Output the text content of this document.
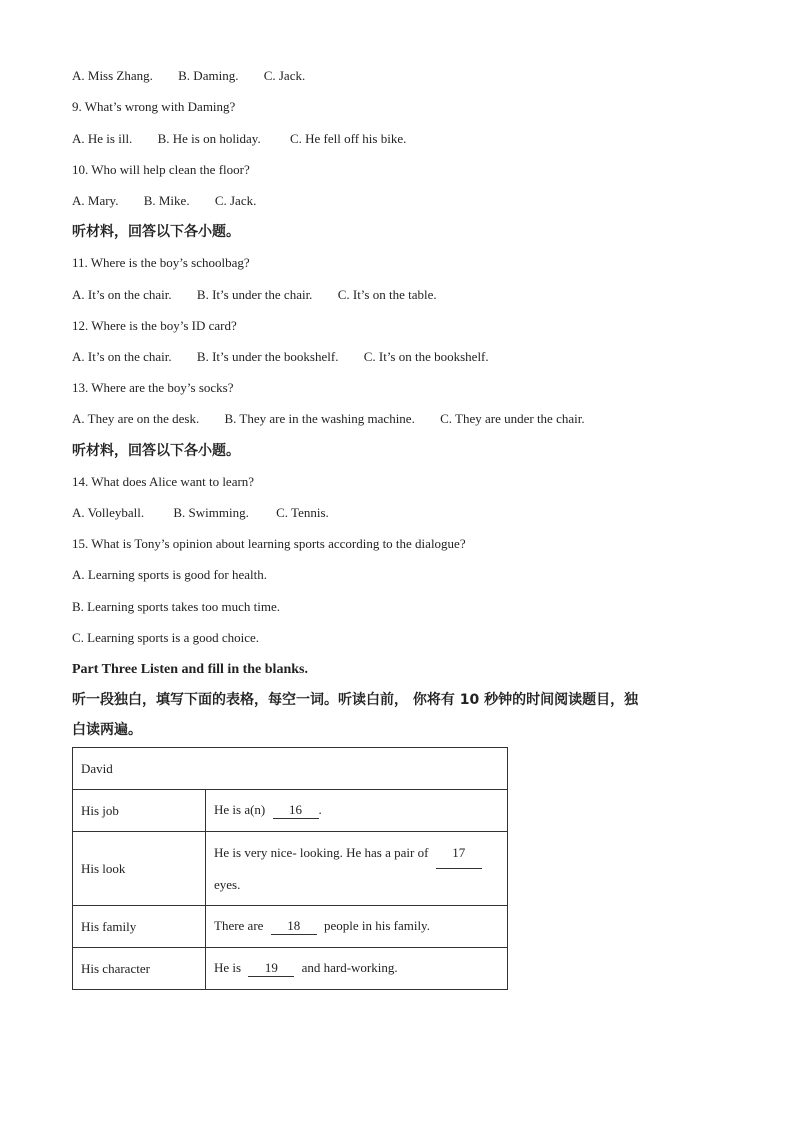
A. Miss Zhang. B. Daming. C. Jack.
9. What’s wrong with Daming?
A. He is ill. B. He is on holiday. C. He fell off his bike.
10. Who will help clean the floor?
A. Mary. B. Mike. C. Jack.
听材料，回答以下各小题。
11. Where is the boy’s schoolbag?
A. It’s on the chair. B. It’s under the chair. C. It’s on the table.
12. Where is the boy’s ID card?
A. It’s on the chair. B. It’s under the bookshelf. C. It’s on the bookshelf.
13. Where are the boy’s socks?
A. They are on the desk. B. They are in the washing machine. C. They are under the chair.
听材料，回答以下各小题。
14. What does Alice want to learn?
A. Volleyball. B. Swimming. C. Tennis.
15. What is Tony’s opinion about learning sports according to the dialogue?
A. Learning sports is good for health.
B. Learning sports takes too much time.
C. Learning sports is a good choice.
Part Three Listen and fill in the blanks.
听一段独白，填写下面的表格，每空一词。听读白前， 你将有 10 秒钟的时间阅读题目，独
白读两遍。
David	
His job	He is a(n) 16 .
His look	He is very nice- looking. He has a pair of 17
eyes.
His family	There are 18 people in his family.
His character	He is 19 and hard-working.
